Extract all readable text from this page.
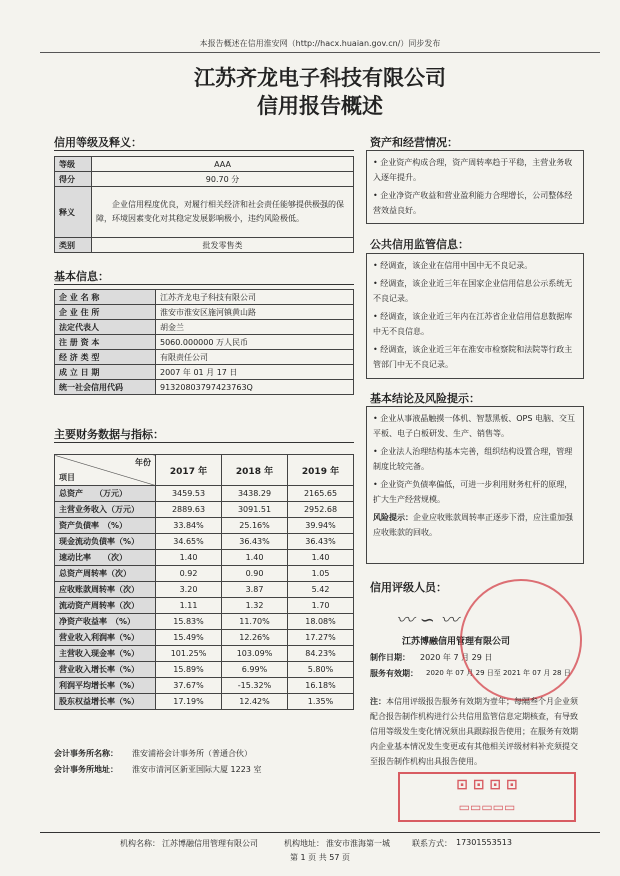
本报告概述在信用淮安网（http://hacx.huaian.gov.cn/）同步发布
江苏齐龙电子科技有限公司
信用报告概述
信用等级及释义：
等级	AAA
得分	90.70 分
释义	企业信用程度优良，对履行相关经济和社会责任能够提供极强的保障，环境因素变化对其稳定发展影响极小，违约风险极低。
类别	批发零售类
基本信息：
企 业 名 称	江苏齐龙电子科技有限公司
企 业 住 所	淮安市淮安区施河镇黄山路
法定代表人	胡金兰
注 册 资 本	5060.000000 万人民币
经 济 类 型	有限责任公司
成 立 日 期	2007 年 01 月 17 日
统一社会信用代码	91320803797423763Q
主要财务数据与指标：
年份
项目	2017 年	2018 年	2019 年
总资产　　（万元）	3459.53	3438.29	2165.65
主营业务收入（万元）	2889.63	3091.51	2952.68
资产负债率　（%）	33.84%	25.16%	39.94%
现金流动负债率（%）	34.65%	36.43%	36.43%
速动比率　　（次）	1.40	1.40	1.40
总资产周转率（次）	0.92	0.90	1.05
应收账款周转率（次）	3.20	3.87	5.42
流动资产周转率（次）	1.11	1.32	1.70
净资产收益率　（%）	15.83%	11.70%	18.08%
营业收入利润率（%）	15.49%	12.26%	17.27%
主营收入现金率（%）	101.25%	103.09%	84.23%
营业收入增长率（%）	15.89%	6.99%	5.80%
利润平均增长率（%）	37.67%	-15.32%	16.18%
股东权益增长率（%）	17.19%	12.42%	1.35%
会计事务所名称： 淮安浦裕会计事务所（普通合伙）
会计事务所地址： 淮安市清河区新亚国际大厦 1223 室
资产和经营情况：

• 企业资产构成合理，资产周转率趋于平稳，主营业务收入逐年提升。

• 企业净资产收益和营业盈利能力合理增长，公司整体经营效益良好。

公共信用监管信息：

• 经调查，该企业在信用中国中无不良记录。

• 经调查，该企业近三年在国家企业信用信息公示系统无不良记录。

• 经调查，该企业近三年内在江苏省企业信用信息数据库中无不良信息。

• 经调查，该企业近三年在淮安市检察院和法院等行政主管部门中无不良记录。

基本结论及风险提示：

• 企业从事液晶触摸一体机、智慧黑板、OPS 电脑、交互平板、电子白板研发、生产、销售等。

• 企业法人治理结构基本完善，组织结构设置合理，管理制度比较完备。

• 企业资产负债率偏低，可进一步利用财务杠杆的原理，扩大生产经营规模。

风险提示：企业应收账款周转率正逐步下滑，应注重加强应收账款的回收。

信用评级人员：
〰 ∽ 〰
江苏博融信用管理有限公司
制作日期： 2020 年 7 月 29 日
服务有效期： 2020 年 07 月 29 日至 2021 年 07 月 28 日
注：本信用评级报告服务有效期为壹年；每隔叁个月企业须配合报告制作机构进行公共信用监管信息定期核查，有导致信用等级发生变化情况须出具跟踪报告使用；在服务有效期内企业基本情况发生变更或有其他相关评级材料补充须提交至报告制作机构出具报告使用。
⊡ ⊡ ⊡ ⊡
▭▭▭▭▭
机构名称： 江苏博融信用管理有限公司	机构地址： 淮安市淮海第一城	联系方式： 17301553513
第 1 页 共 57 页
